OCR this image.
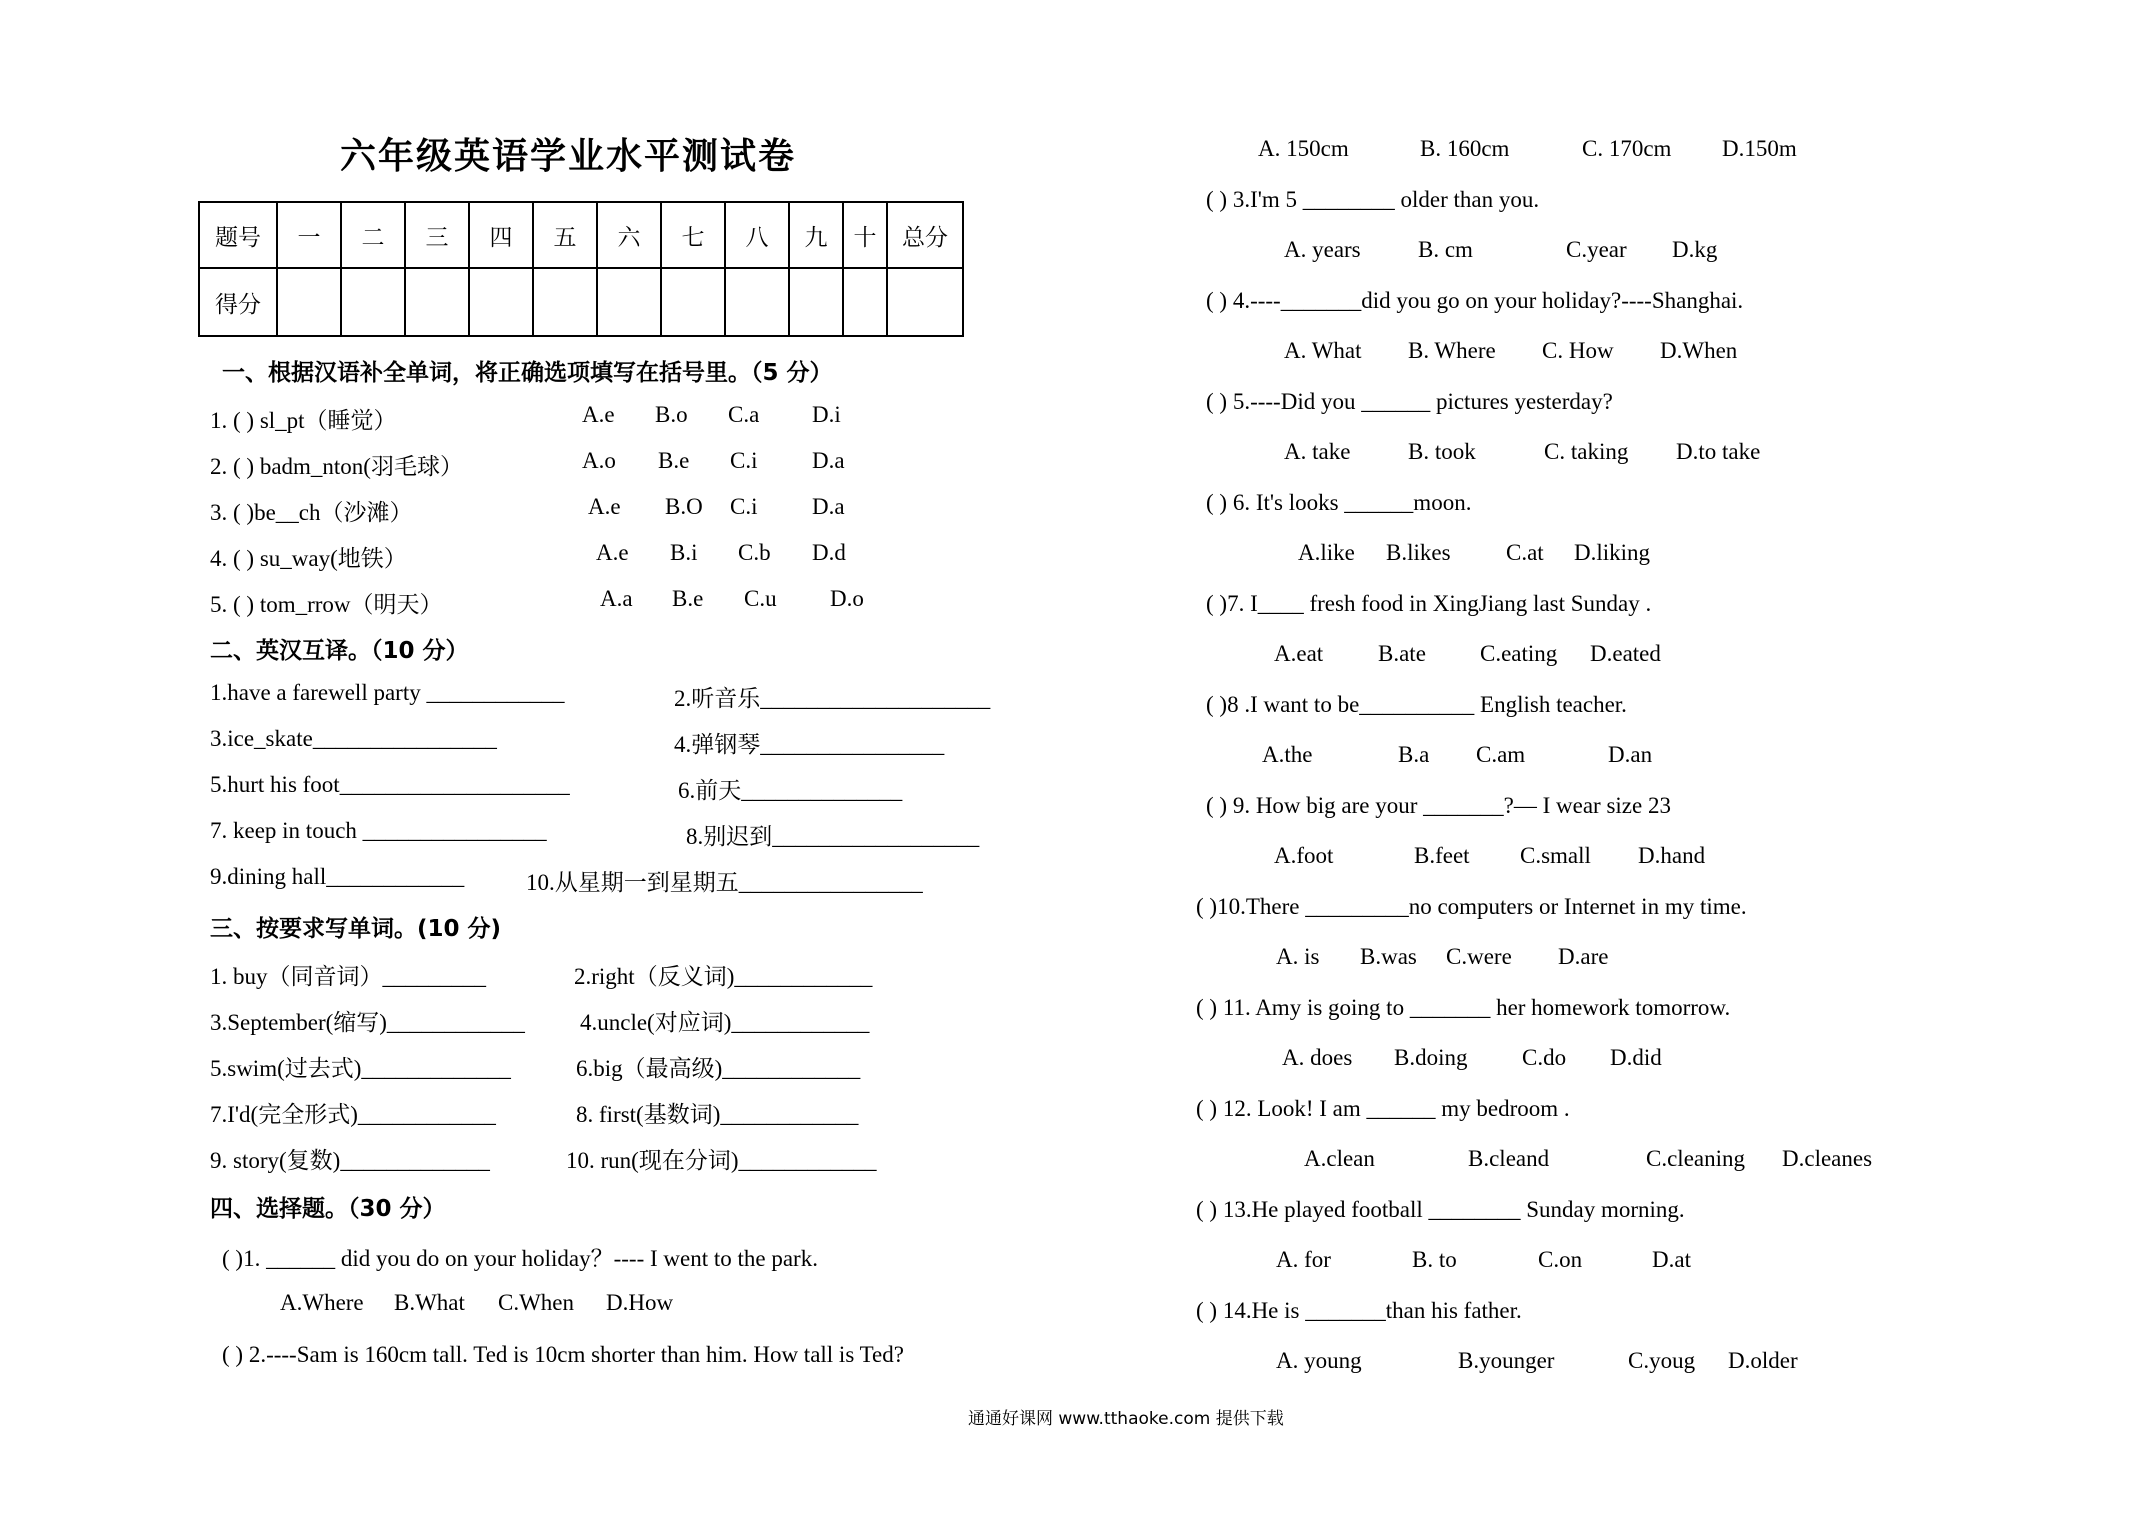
六年级英语学业水平测试卷
题号	一	二	三	四	五	六	七	八	九	十	总分
得分											
一、根据汉语补全单词，将正确选项填写在括号里。（5 分）
1. ( ) sl_pt（睡觉）	A.e B.o C.a D.i
2. ( ) badm_nton(羽毛球）	A.o B.e C.i D.a
3. ( )be__ch（沙滩）	A.e B.O C.i D.a
4. ( ) su_way(地铁）	A.e B.i C.b D.d
5. ( ) tom_rrow（明天）	A.a B.e C.u D.o
二、英汉互译。（10 分）
1.have a farewell party ____________	2.听音乐____________________
3.ice_skate________________	4.弹钢琴________________
5.hurt his foot____________________	6.前天______________
7. keep in touch ________________	8.别迟到__________________
9.dining hall____________	10.从星期一到星期五________________
三、按要求写单词。(10 分)
1. buy（同音词）_________	2.right（反义词)____________
3.September(缩写)____________ 4.uncle(对应词)____________
5.swim(过去式)_____________	6.big（最高级)____________
7.I'd(完全形式)____________	8. first(基数词)____________
9. story(复数)_____________	10. run(现在分词)____________
四、选择题。（30 分）
( )1. ______ did you do on your holiday？---- I went to the park.
A.Where B.What C.When D.How
( ) 2.----Sam is 160cm tall. Ted is 10cm shorter than him. How tall is Ted?
A. 150cm	B. 160cm	C. 170cm D.150m
( ) 3.I'm 5 ________ older than you.
A. years B. cm	C.year D.kg
( ) 4.----_______did you go on your holiday?----Shanghai.
A. What B. Where C. How D.When
( ) 5.----Did you ______ pictures yesterday?
A. take	B. took	C. taking D.to take
( ) 6. It's looks ______moon.
A.like B.likes C.at D.liking
( )7. I____ fresh food in XingJiang last Sunday .
A.eat B.ate C.eating D.eated
( )8 .I want to be__________ English teacher.
A.the	B.a C.am	D.an
( ) 9. How big are your _______?— I wear size 23
A.foot	B.feet C.small D.hand
( )10.There _________no computers or Internet in my time.
A. is B.was C.were D.are
( ) 11. Amy is going to _______ her homework tomorrow.
A. does B.doing C.do D.did
( ) 12. Look! I am ______ my bedroom .
A.clean	B.cleand	C.cleaning D.cleanes
( ) 13.He played football ________ Sunday morning.
A. for	B. to	C.on	D.at
( ) 14.He is _______than his father.
A. young	B.younger	C.youg D.older
通通好课网 www.tthaoke.com 提供下载
